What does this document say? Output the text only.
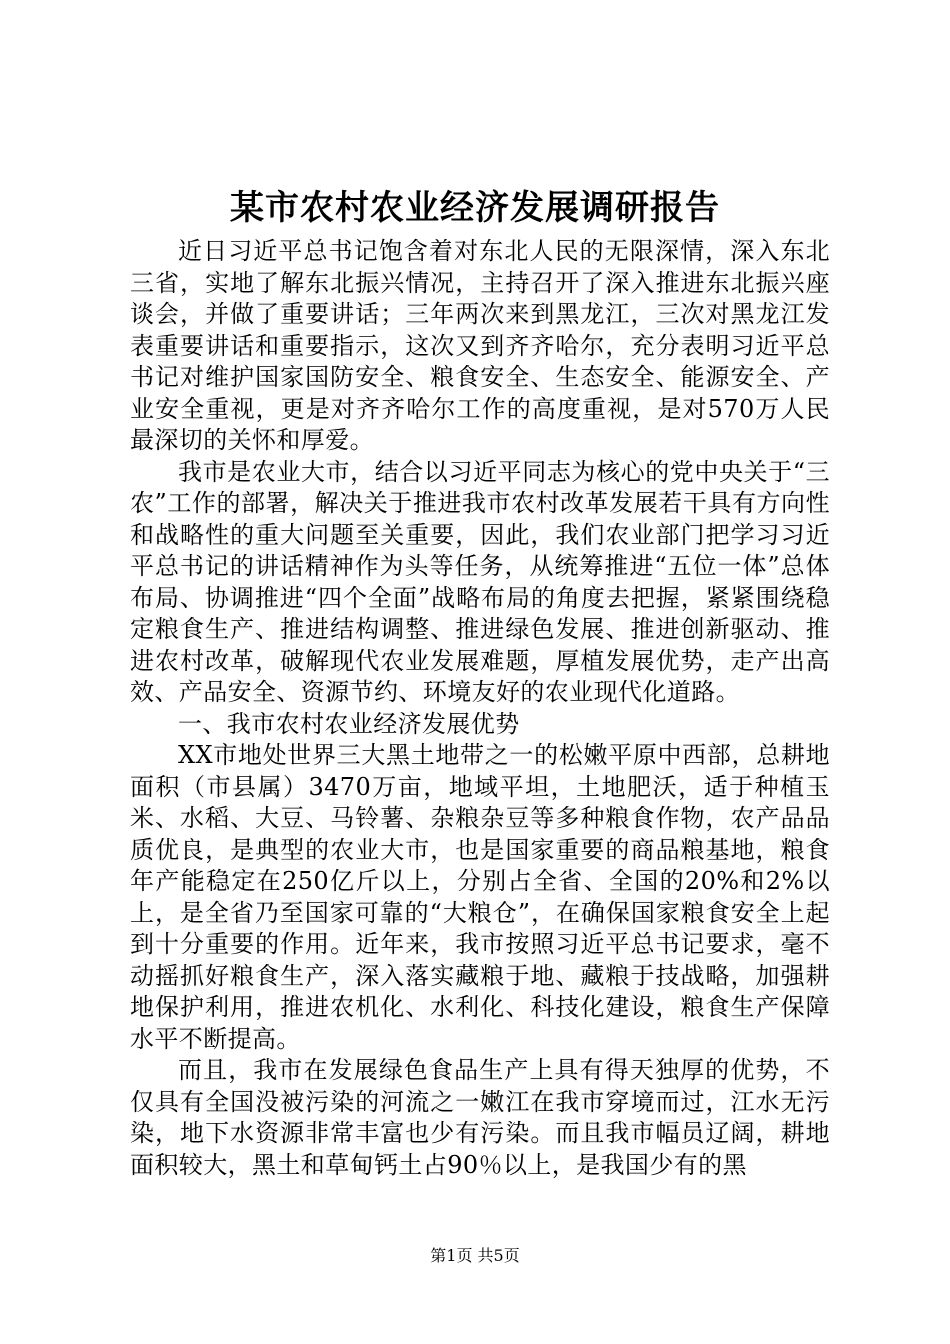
某市农村农业经济发展调研报告

近日习近平总书记饱含着对东北人民的无限深情，深入东北三省，实地了解东北振兴情况，主持召开了深入推进东北振兴座谈会，并做了重要讲话；三年两次来到黑龙江，三次对黑龙江发表重要讲话和重要指示，这次又到齐齐哈尔，充分表明习近平总书记对维护国家国防安全、粮食安全、生态安全、能源安全、产业安全重视，更是对齐齐哈尔工作的高度重视，是对570万人民最深切的关怀和厚爱。

我市是农业大市，结合以习近平同志为核心的党中央关于“三农”工作的部署，解决关于推进我市农村改革发展若干具有方向性和战略性的重大问题至关重要，因此，我们农业部门把学习习近平总书记的讲话精神作为头等任务，从统筹推进“五位一体”总体布局、协调推进“四个全面”战略布局的角度去把握，紧紧围绕稳定粮食生产、推进结构调整、推进绿色发展、推进创新驱动、推进农村改革，破解现代农业发展难题，厚植发展优势，走产出高效、产品安全、资源节约、环境友好的农业现代化道路。

一、我市农村农业经济发展优势

XX市地处世界三大黑土地带之一的松嫩平原中西部，总耕地面积（市县属）3470万亩，地域平坦，土地肥沃，适于种植玉米、水稻、大豆、马铃薯、杂粮杂豆等多种粮食作物，农产品品质优良，是典型的农业大市，也是国家重要的商品粮基地，粮食年产能稳定在250亿斤以上，分别占全省、全国的20%和2%以上，是全省乃至国家可靠的“大粮仓”，在确保国家粮食安全上起到十分重要的作用。近年来，我市按照习近平总书记要求，毫不动摇抓好粮食生产，深入落实藏粮于地、藏粮于技战略，加强耕地保护利用，推进农机化、水利化、科技化建设，粮食生产保障水平不断提高。

而且，我市在发展绿色食品生产上具有得天独厚的优势，不仅具有全国没被污染的河流之一嫩江在我市穿境而过，江水无污染，地下水资源非常丰富也少有污染。而且我市幅员辽阔，耕地面积较大，黑土和草甸钙土占90％以上，是我国少有的黑

第1页 共5页
